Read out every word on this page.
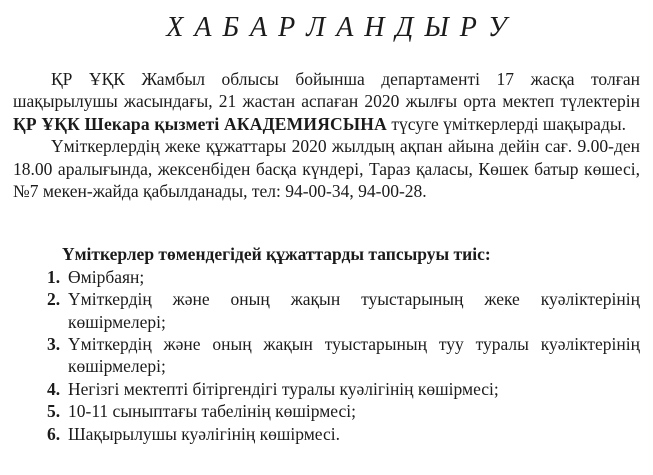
Х А Б А Р Л А Н Д Ы Р У

ҚР ҰҚК Жамбыл облысы бойынша департаменті 17 жасқа толған шақырылушы жасындағы, 21 жастан аспаған 2020 жылғы орта мектеп түлектерін ҚР ҰҚК Шекара қызметі АКАДЕМИЯСЫНА түсуге үміткерлерді шақырады.

Үміткерлердің жеке құжаттары 2020 жылдың ақпан айына дейін сағ. 9.00-ден 18.00 аралығында, жексенбіден басқа күндері, Тараз қаласы, Көшек батыр көшесі, №7 мекен-жайда қабылданады, тел: 94-00-34, 94-00-28.

Үміткерлер төмендегідей құжаттарды тапсыруы тиіс:
1. Өмірбаян;
2. Үміткердің және оның жақын туыстарының жеке куәліктерінің көшірмелері;
3. Үміткердің және оның жақын туыстарының туу туралы куәліктерінің көшірмелері;
4. Негізгі мектепті бітіргендігі туралы куәлігінің көшірмесі;
5. 10-11 сыныптағы табелінің көшірмесі;
6. Шақырылушы куәлігінің көшірмесі.
